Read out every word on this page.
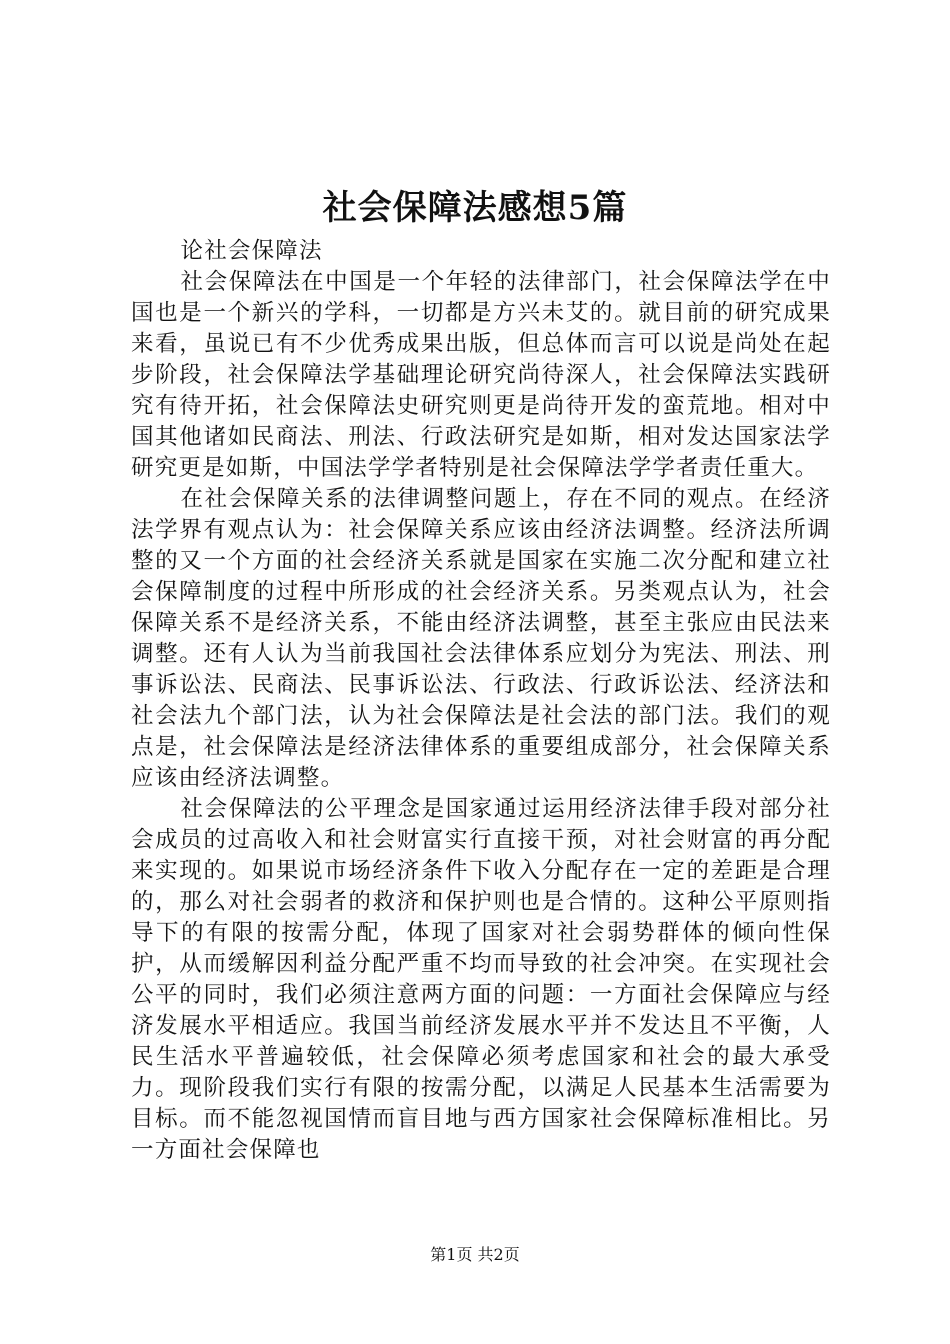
社会保障法感想5篇

论社会保障法

社会保障法在中国是一个年轻的法律部门，社会保障法学在中国也是一个新兴的学科，一切都是方兴未艾的。就目前的研究成果来看，虽说已有不少优秀成果出版，但总体而言可以说是尚处在起步阶段，社会保障法学基础理论研究尚待深人，社会保障法实践研究有待开拓，社会保障法史研究则更是尚待开发的蛮荒地。相对中国其他诸如民商法、刑法、行政法研究是如斯，相对发达国家法学研究更是如斯，中国法学学者特别是社会保障法学学者责任重大。

在社会保障关系的法律调整问题上，存在不同的观点。在经济法学界有观点认为：社会保障关系应该由经济法调整。经济法所调整的又一个方面的社会经济关系就是国家在实施二次分配和建立社会保障制度的过程中所形成的社会经济关系。另类观点认为，社会保障关系不是经济关系，不能由经济法调整，甚至主张应由民法来调整。还有人认为当前我国社会法律体系应划分为宪法、刑法、刑事诉讼法、民商法、民事诉讼法、行政法、行政诉讼法、经济法和社会法九个部门法，认为社会保障法是社会法的部门法。我们的观点是，社会保障法是经济法律体系的重要组成部分，社会保障关系应该由经济法调整。

社会保障法的公平理念是国家通过运用经济法律手段对部分社会成员的过高收入和社会财富实行直接干预，对社会财富的再分配来实现的。如果说市场经济条件下收入分配存在一定的差距是合理的，那么对社会弱者的救济和保护则也是合情的。这种公平原则指导下的有限的按需分配，体现了国家对社会弱势群体的倾向性保护，从而缓解因利益分配严重不均而导致的社会冲突。在实现社会公平的同时，我们必须注意两方面的问题：一方面社会保障应与经济发展水平相适应。我国当前经济发展水平并不发达且不平衡，人民生活水平普遍较低，社会保障必须考虑国家和社会的最大承受力。现阶段我们实行有限的按需分配，以满足人民基本生活需要为目标。而不能忽视国情而盲目地与西方国家社会保障标准相比。另一方面社会保障也

第1页 共2页
